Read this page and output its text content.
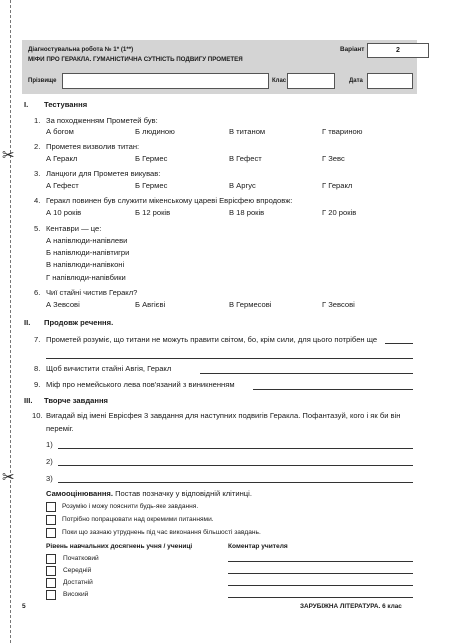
✂
✂
Діагностувальна робота № 1* (1**)
МІФИ ПРО ГЕРАКЛА. ГУМАНІСТИЧНА СУТНІСТЬ ПОДВИГУ ПРОМЕТЕЯ
Варіант	2
Прізвище	Клас	Дата
I. Тестування
1. За походженням Прометей був:
А богом	Б людиною	В титаном	Г твариною
2. Прометея визволив титан:
А Геракл	Б Гермес	В Гефест	Г Зевс
3. Ланцюги для Прометея викував:
А Гефест	Б Гермес	В Аргус	Г Геракл
4. Геракл повинен був служити мікенському цареві Еврісфею впродовж:
А 10 років	Б 12 років	В 18 років	Г 20 років
5. Кентаври — це:
А напівлюди-напівлеви
Б напівлюди-напівтигри
В напівлюди-напівконі
Г напівлюди-напівбики
6. Чиї стайні чистив Геракл?
А Зевсові	Б Авгієві	В Гермесові	Г Зевсові
II. Продовж речення.
7. Прометей розуміє, що титани не можуть правити світом, бо, крім сили, для цього потрібен ще
8. Щоб вичистити стайні Авгія, Геракл
9. Міф про немейського лева пов'язаний з виникненням
III. Творче завдання
10. Вигадай від імені Еврісфея 3 завдання для наступних подвигів Геракла. Пофантазуй, кого і як би він
переміг.
1)
2)
3)
Самооцінювання. Постав позначку у відповідній клітинці.
Розумію і можу пояснити будь-яке завдання.
Потрібно попрацювати над окремими питаннями.
Поки що зазнаю утруднень під час виконання більшості завдань.
Рівень навчальних досягнень учня / учениці	Коментар учителя
Початковий
Середній
Достатній
Високий
5	ЗАРУБІЖНА ЛІТЕРАТУРА. 6 клас
